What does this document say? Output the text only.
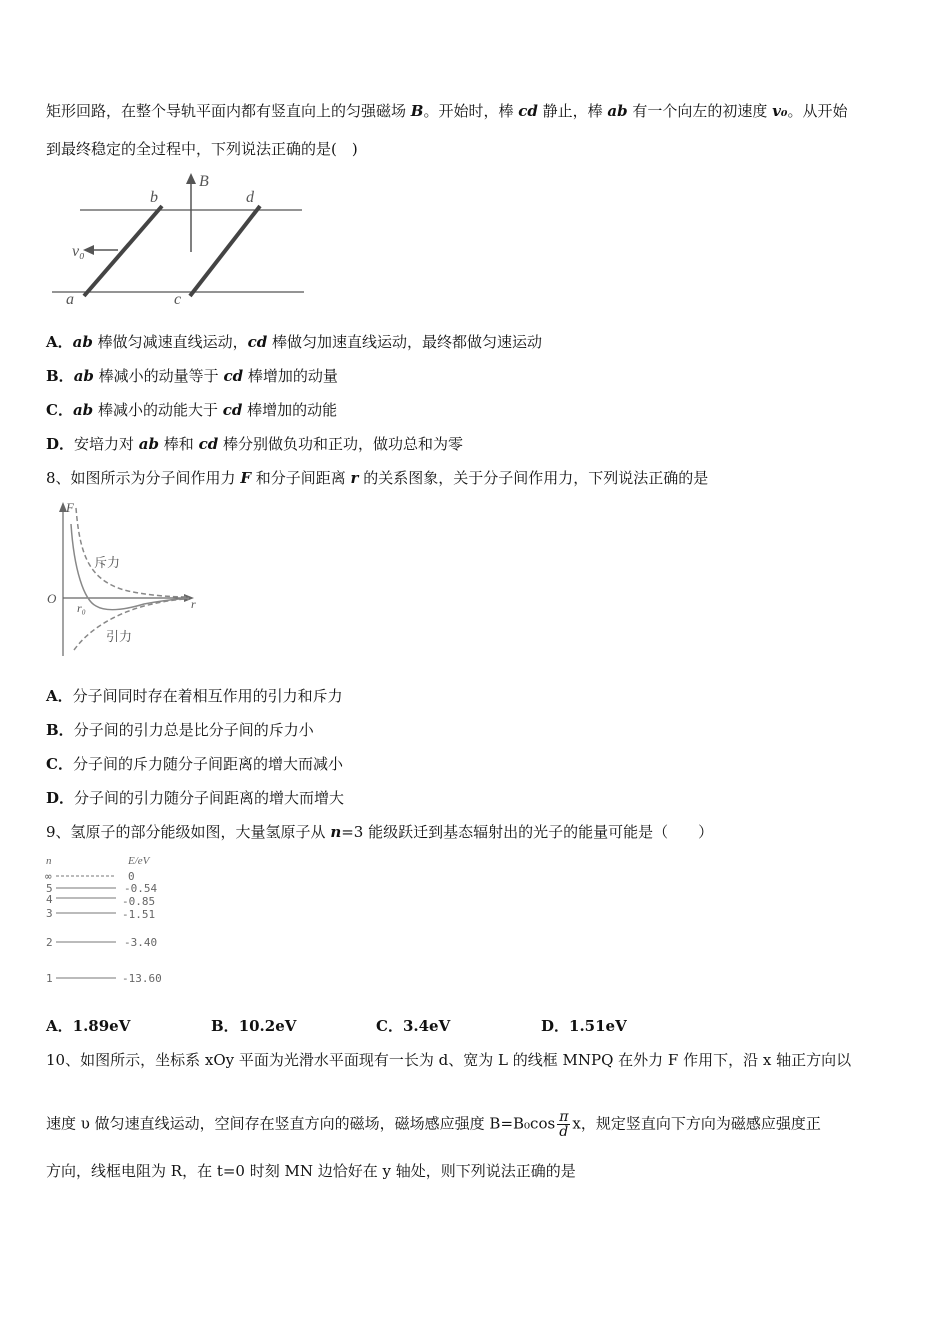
矩形回路，在整个导轨平面内都有竖直向上的匀强磁场 B。开始时，棒 cd 静止，棒 ab 有一个向左的初速度 v₀。从开始
到最终稳定的全过程中，下列说法正确的是(　)
B
b	d
v₀
a	c
A．ab 棒做匀减速直线运动，cd 棒做匀加速直线运动，最终都做匀速运动
B．ab 棒减小的动量等于 cd 棒增加的动量
C．ab 棒减小的动能大于 cd 棒增加的动能
D．安培力对 ab 棒和 cd 棒分别做负功和正功，做功总和为零
8、如图所示为分子间作用力 F 和分子间距离 r 的关系图象，关于分子间作用力，下列说法正确的是
F
O
r₀	r
斥力
引力
A．分子间同时存在着相互作用的引力和斥力
B．分子间的引力总是比分子间的斥力小
C．分子间的斥力随分子间距离的增大而减小
D．分子间的引力随分子间距离的增大而增大
9、氢原子的部分能级如图，大量氢原子从 n=3 能级跃迁到基态辐射出的光子的能量可能是（　　）
n	E/eV
∞	0
5	-0.54
4	-0.85
3	-1.51
2	-3.40
1	-13.60
A．1.89eV	B．10.2eV	C．3.4eV	D．1.51eV
10、如图所示，坐标系 xOy 平面为光滑水平面现有一长为 d、宽为 L 的线框 MNPQ 在外力 F 作用下，沿 x 轴正方向以
速度 υ 做匀速直线运动，空间存在竖直方向的磁场，磁场感应强度 $B=B_0\cos \frac{\pi}{d}$ x，规定竖直向下方向为磁感应强度正
方向，线框电阻为 R，在 t=0 时刻 MN 边恰好在 y 轴处，则下列说法正确的是
